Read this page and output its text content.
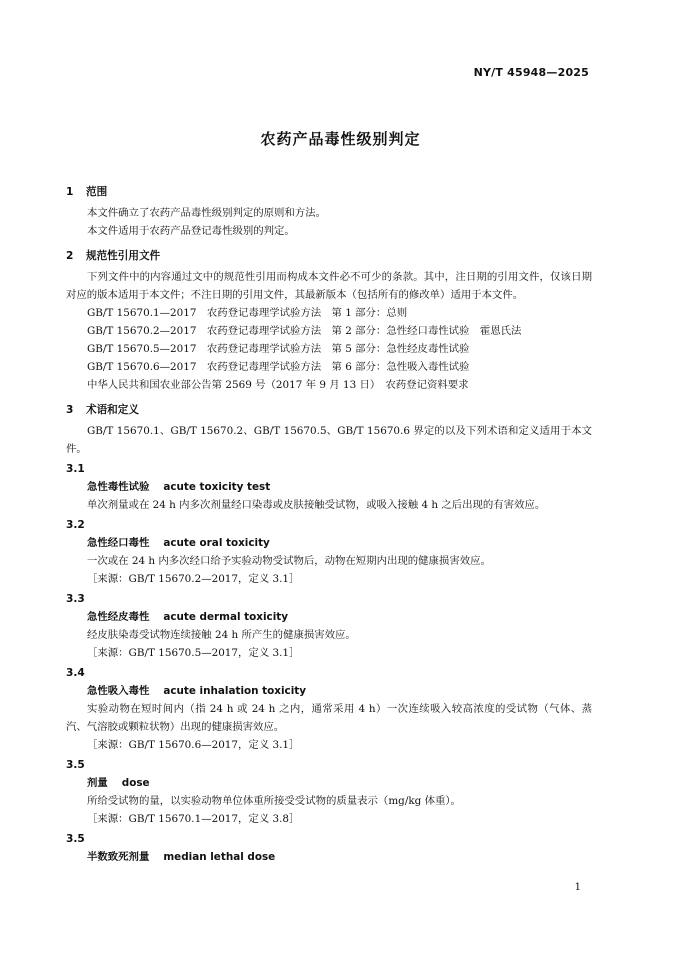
NY/T 45948—2025
农药产品毒性级别判定
1 范围

本文件确立了农药产品毒性级别判定的原则和方法。

本文件适用于农药产品登记毒性级别的判定。

2 规范性引用文件

下列文件中的内容通过文中的规范性引用而构成本文件必不可少的条款。其中，注日期的引用文件，仅该日期对应的版本适用于本文件；不注日期的引用文件，其最新版本（包括所有的修改单）适用于本文件。

GB/T 15670.1—2017　农药登记毒理学试验方法　第 1 部分：总则
GB/T 15670.2—2017　农药登记毒理学试验方法　第 2 部分：急性经口毒性试验　霍恩氏法
GB/T 15670.5—2017　农药登记毒理学试验方法　第 5 部分：急性经皮毒性试验
GB/T 15670.6—2017　农药登记毒理学试验方法　第 6 部分：急性吸入毒性试验
中华人民共和国农业部公告第 2569 号（2017 年 9 月 13 日）　农药登记资料要求
3 术语和定义

GB/T 15670.1、GB/T 15670.2、GB/T 15670.5、GB/T 15670.6 界定的以及下列术语和定义适用于本文件。

3.1
急性毒性试验 acute toxicity test

单次剂量或在 24 h 内多次剂量经口染毒或皮肤接触受试物，或吸入接触 4 h 之后出现的有害效应。

3.2
急性经口毒性 acute oral toxicity

一次或在 24 h 内多次经口给予实验动物受试物后，动物在短期内出现的健康损害效应。

［来源：GB/T 15670.2—2017，定义 3.1］
3.3
急性经皮毒性 acute dermal toxicity

经皮肤染毒受试物连续接触 24 h 所产生的健康损害效应。

［来源：GB/T 15670.5—2017，定义 3.1］
3.4
急性吸入毒性 acute inhalation toxicity

实验动物在短时间内（指 24 h 或 24 h 之内，通常采用 4 h）一次连续吸入较高浓度的受试物（气体、蒸汽、气溶胶或颗粒状物）出现的健康损害效应。

［来源：GB/T 15670.6—2017，定义 3.1］
3.5
剂量 dose

所给受试物的量，以实验动物单位体重所接受受试物的质量表示（mg/kg 体重）。

［来源：GB/T 15670.1—2017，定义 3.8］
3.5
半数致死剂量 median lethal dose
1
